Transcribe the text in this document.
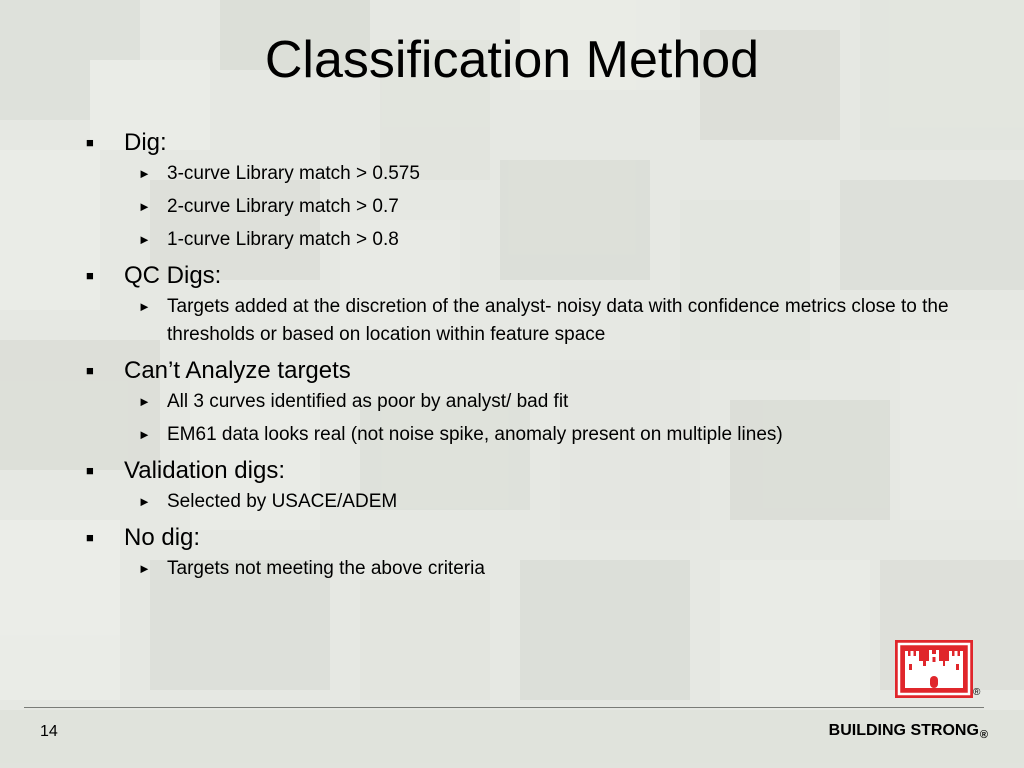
Classification Method
■	Dig:
► 3-curve Library match > 0.575
► 2-curve Library match > 0.7
► 1-curve Library match > 0.8
■	QC Digs:
► Targets added at the discretion of the analyst- noisy data with confidence metrics close to the thresholds or based on location within feature space
■	Can’t Analyze targets
► All 3 curves identified as poor by analyst/ bad fit
► EM61 data looks real (not noise spike, anomaly present on multiple lines)
■	Validation digs:
► Selected by USACE/ADEM
■	No dig:
► Targets not meeting the above criteria
®
14	BUILDING STRONG®
